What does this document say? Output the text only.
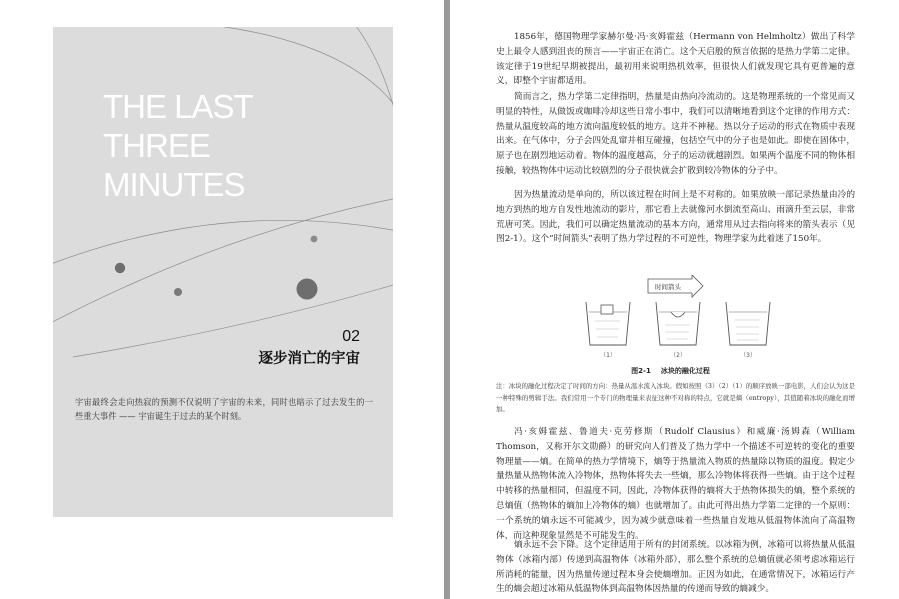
THE LAST
THREE
MINUTES
02
逐步消亡的宇宙
宇宙最终会走向热寂的预测不仅说明了宇宙的未来，同时也暗示了过去发生的一些重大事件 —— 宇宙诞生于过去的某个时刻。

1856年，德国物理学家赫尔曼·冯·亥姆霍兹（Hermann von Helmholtz）做出了科学史上最令人感到沮丧的预言——宇宙正在消亡。这个天启般的预言依据的是热力学第二定律。该定律于19世纪早期被提出，最初用来说明热机效率，但很快人们就发现它具有更普遍的意义，即整个宇宙都适用。

简而言之，热力学第二定律指明，热量是由热向冷流动的。这是物理系统的一个常见而又明显的特性，从做饭或咖啡冷却这些日常小事中，我们可以清晰地看到这个定律的作用方式：热量从温度较高的地方流向温度较低的地方。这并不神秘。热以分子运动的形式在物质中表现出来。在气体中，分子会四处乱窜并相互碰撞，包括空气中的分子也是如此。即使在固体中，原子也在剧烈地运动着。物体的温度越高，分子的运动就越剧烈。如果两个温度不同的物体相接触，较热物体中运动比较剧烈的分子很快就会扩散到较冷物体的分子中。

因为热量流动是单向的，所以该过程在时间上是不对称的。如果放映一部记录热量由冷的地方到热的地方自发性地流动的影片，那它看上去就像河水倒流至高山、雨滴升至云层，非常荒唐可笑。因此，我们可以确定热量流动的基本方向，通常用从过去指向将来的箭头表示（见图2-1）。这个“时间箭头”表明了热力学过程的不可逆性，物理学家为此着迷了150年。

时间箭头
（1）	（2）	（3）
图2-1 冰块的融化过程

注：冰块的融化过程决定了时间的方向：热量从温水流入冰块。假如按照（3）（2）（1）的顺序放映一部电影，人们会认为这是一种特殊的剪辑手法。我们常用一个专门的物理量来表征这种不对称的特点，它就是熵（entropy），其值随着冰块的融化而增加。

冯·亥姆霍兹、鲁道夫·克劳修斯（Rudolf Clausius）和威廉·汤姆森（William Thomson，又称开尔文勋爵）的研究向人们普及了热力学中一个描述不可逆转的变化的重要物理量——熵。在简单的热力学情境下，熵等于热量流入物质的热量除以物质的温度。假定少量热量从热物体流入冷物体，热物体将失去一些熵，那么冷物体将获得一些熵。由于这个过程中转移的热量相同，但温度不同，因此，冷物体获得的熵将大于热物体损失的熵，整个系统的总熵值（热物体的熵加上冷物体的熵）也就增加了。由此可得出热力学第二定律的一个原则：一个系统的熵永远不可能减少，因为减少就意味着一些热量自发地从低温物体流向了高温物体，而这种现象显然是不可能发生的。

熵永远不会下降。这个定律适用于所有的封闭系统。以冰箱为例，冰箱可以将热量从低温物体（冰箱内部）传递到高温物体（冰箱外部），那么整个系统的总熵值就必须考虑冰箱运行所消耗的能量，因为热量传递过程本身会使熵增加。正因为如此，在通常情况下，冰箱运行产生的熵会超过冰箱从低温物体到高温物体因热量的传递而导致的熵减少。
